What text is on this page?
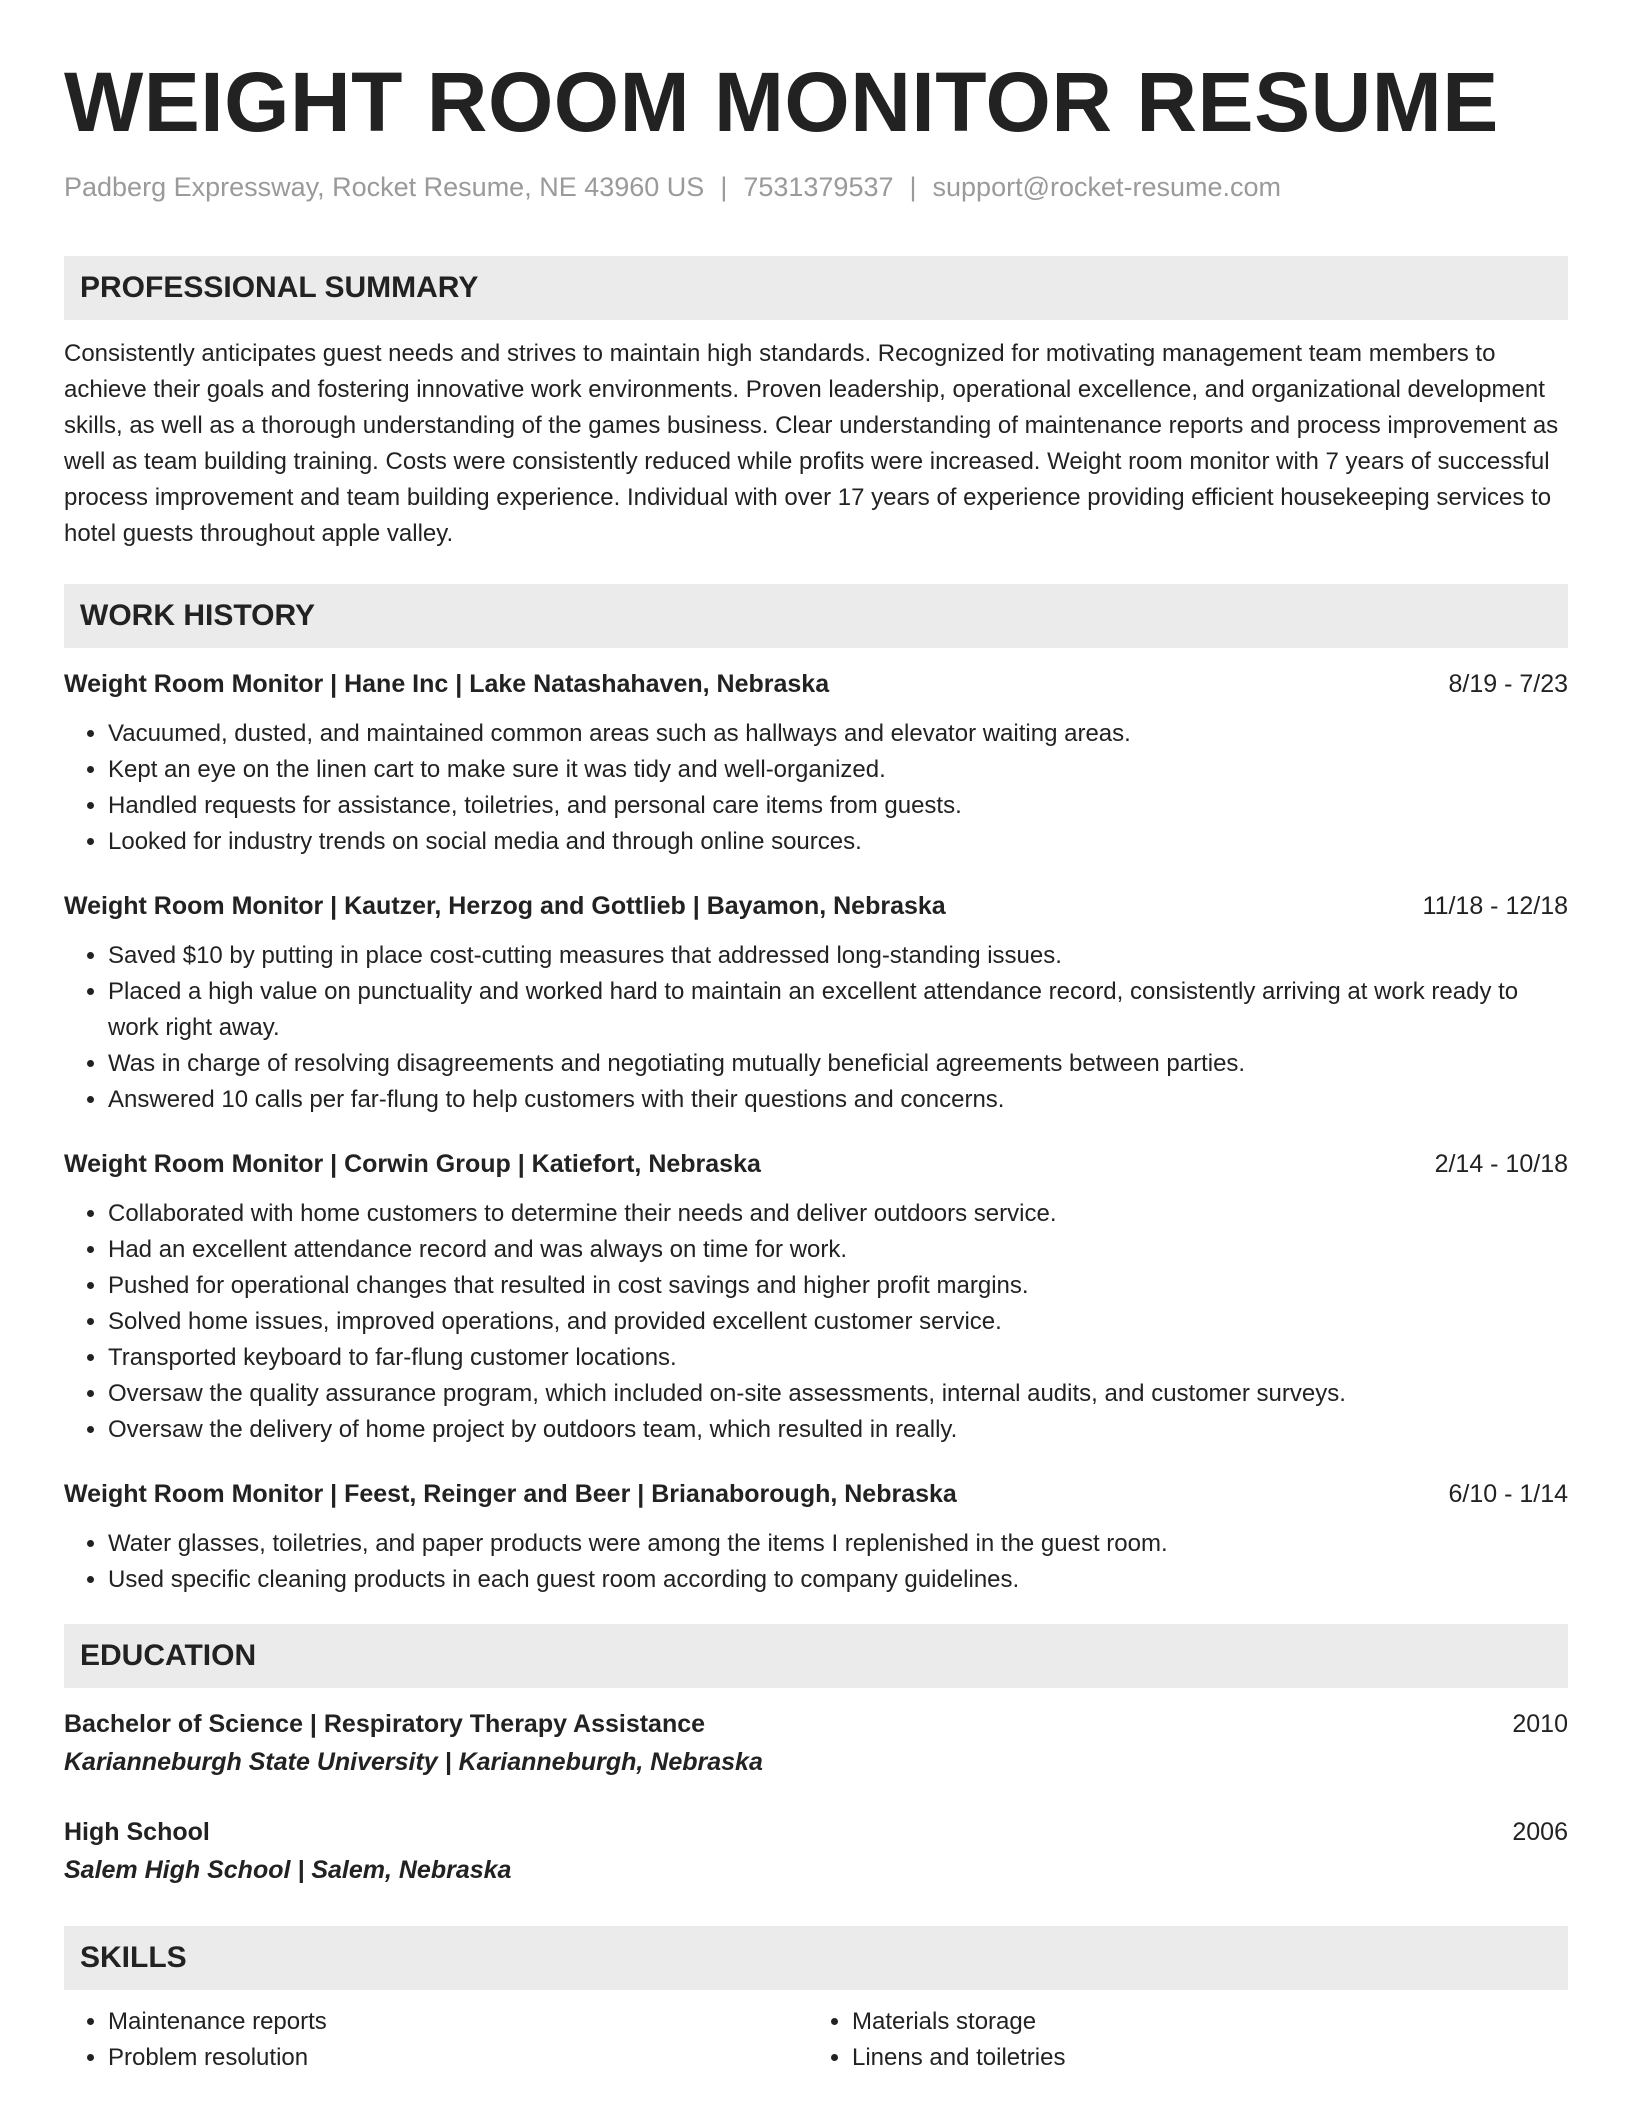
WEIGHT ROOM MONITOR RESUME
Padberg Expressway, Rocket Resume, NE 43960 US | 7531379537 | support@rocket-resume.com
PROFESSIONAL SUMMARY
Consistently anticipates guest needs and strives to maintain high standards. Recognized for motivating management team members to achieve their goals and fostering innovative work environments. Proven leadership, operational excellence, and organizational development skills, as well as a thorough understanding of the games business. Clear understanding of maintenance reports and process improvement as well as team building training. Costs were consistently reduced while profits were increased. Weight room monitor with 7 years of successful process improvement and team building experience. Individual with over 17 years of experience providing efficient housekeeping services to hotel guests throughout apple valley.
WORK HISTORY
Weight Room Monitor | Hane Inc | Lake Natashahaven, Nebraska	8/19 - 7/23
• Vacuumed, dusted, and maintained common areas such as hallways and elevator waiting areas.
• Kept an eye on the linen cart to make sure it was tidy and well-organized.
• Handled requests for assistance, toiletries, and personal care items from guests.
• Looked for industry trends on social media and through online sources.
Weight Room Monitor | Kautzer, Herzog and Gottlieb | Bayamon, Nebraska	11/18 - 12/18
• Saved $10 by putting in place cost-cutting measures that addressed long-standing issues.
• Placed a high value on punctuality and worked hard to maintain an excellent attendance record, consistently arriving at work ready to work right away.
• Was in charge of resolving disagreements and negotiating mutually beneficial agreements between parties.
• Answered 10 calls per far-flung to help customers with their questions and concerns.
Weight Room Monitor | Corwin Group | Katiefort, Nebraska	2/14 - 10/18
• Collaborated with home customers to determine their needs and deliver outdoors service.
• Had an excellent attendance record and was always on time for work.
• Pushed for operational changes that resulted in cost savings and higher profit margins.
• Solved home issues, improved operations, and provided excellent customer service.
• Transported keyboard to far-flung customer locations.
• Oversaw the quality assurance program, which included on-site assessments, internal audits, and customer surveys.
• Oversaw the delivery of home project by outdoors team, which resulted in really.
Weight Room Monitor | Feest, Reinger and Beer | Brianaborough, Nebraska	6/10 - 1/14
• Water glasses, toiletries, and paper products were among the items I replenished in the guest room.
• Used specific cleaning products in each guest room according to company guidelines.
EDUCATION
Bachelor of Science | Respiratory Therapy Assistance	2010
Karianneburgh State University | Karianneburgh, Nebraska
High School	2006
Salem High School | Salem, Nebraska
SKILLS
• Maintenance reports
• Problem resolution
• Materials storage
• Linens and toiletries
